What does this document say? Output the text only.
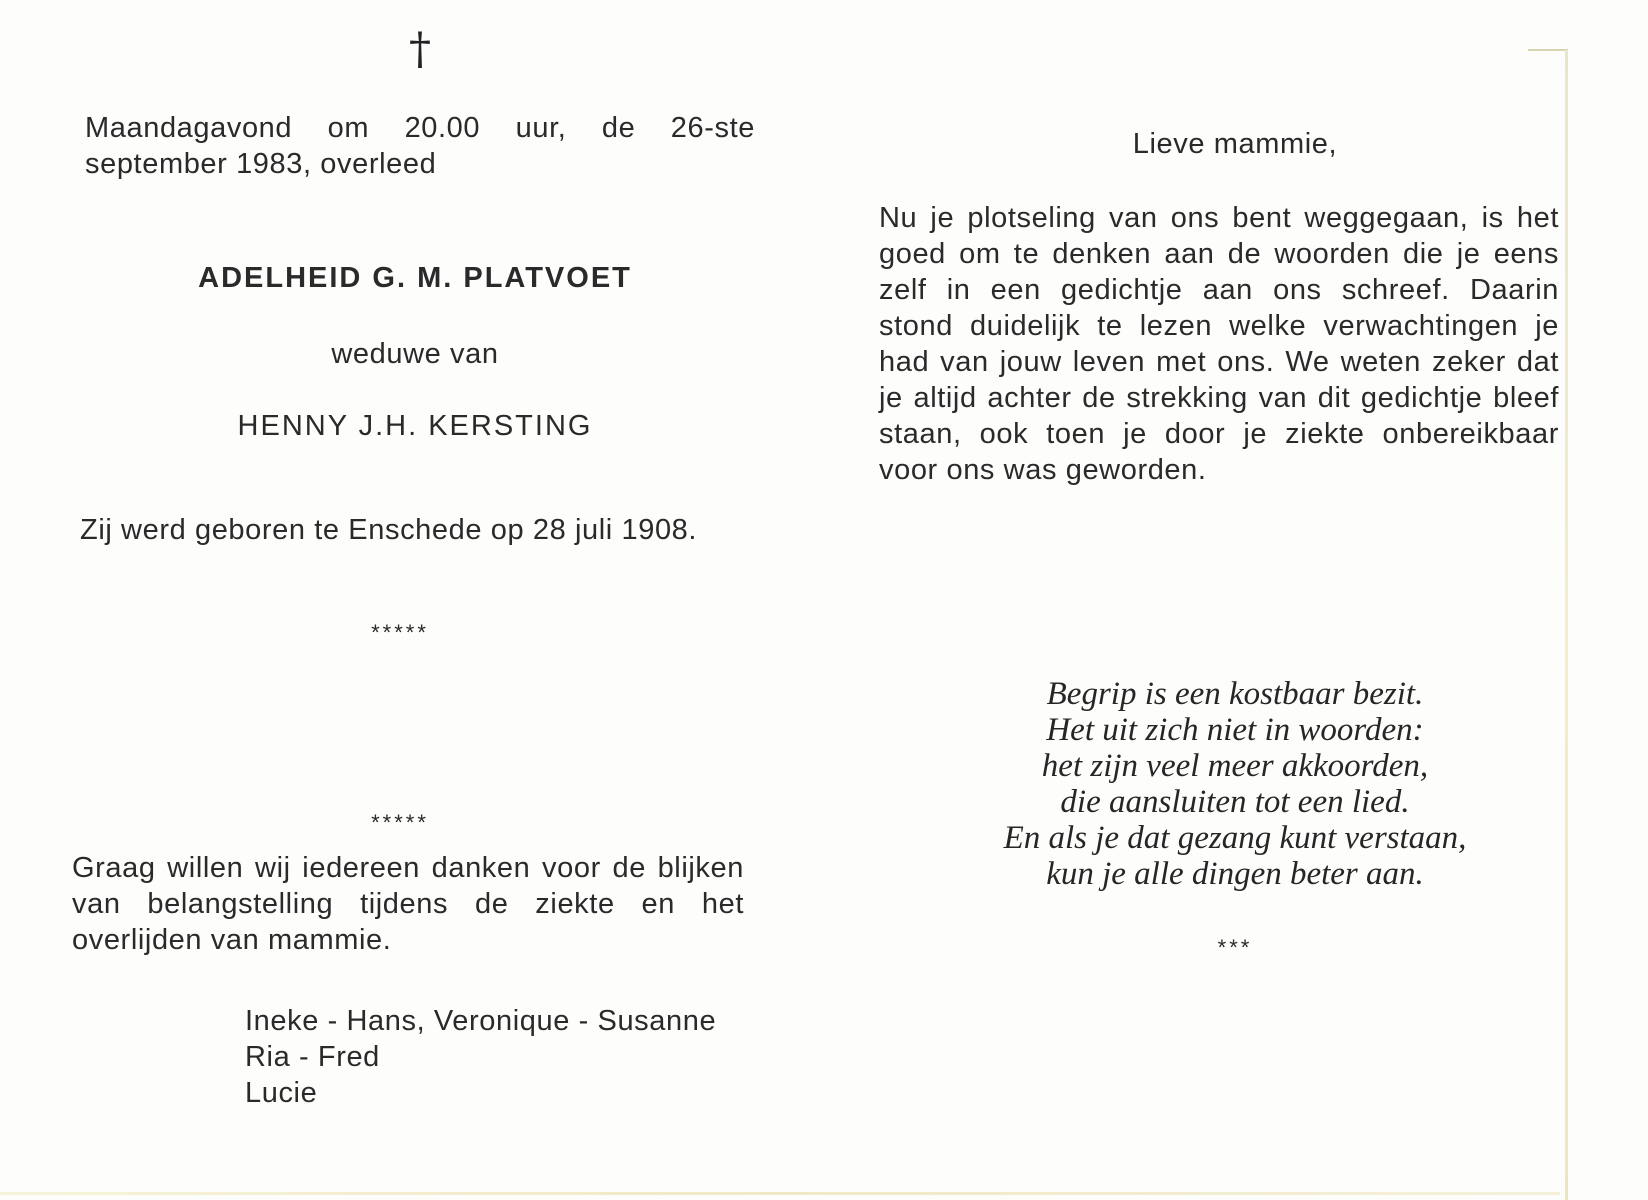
†
Maandagavond om 20.00 uur, de 26-ste september 1983, overleed
ADELHEID G. M. PLATVOET
weduwe van
HENNY J.H. KERSTING
Zij werd geboren te Enschede op 28 juli 1908.
*****
*****
Graag willen wij iedereen danken voor de blijken van belangstelling tijdens de ziekte en het overlijden van mammie.
Ineke - Hans, Veronique - Susanne
Ria - Fred
Lucie
Lieve mammie,
Nu je plotseling van ons bent weggegaan, is het goed om te denken aan de woorden die je eens zelf in een gedichtje aan ons schreef. Daarin stond duidelijk te lezen welke verwachtingen je had van jouw leven met ons. We weten zeker dat je altijd achter de strekking van dit gedichtje bleef staan, ook toen je door je ziekte onbereikbaar voor ons was geworden.
Begrip is een kostbaar bezit.
Het uit zich niet in woorden:
het zijn veel meer akkoorden,
die aansluiten tot een lied.
En als je dat gezang kunt verstaan,
kun je alle dingen beter aan.
***
